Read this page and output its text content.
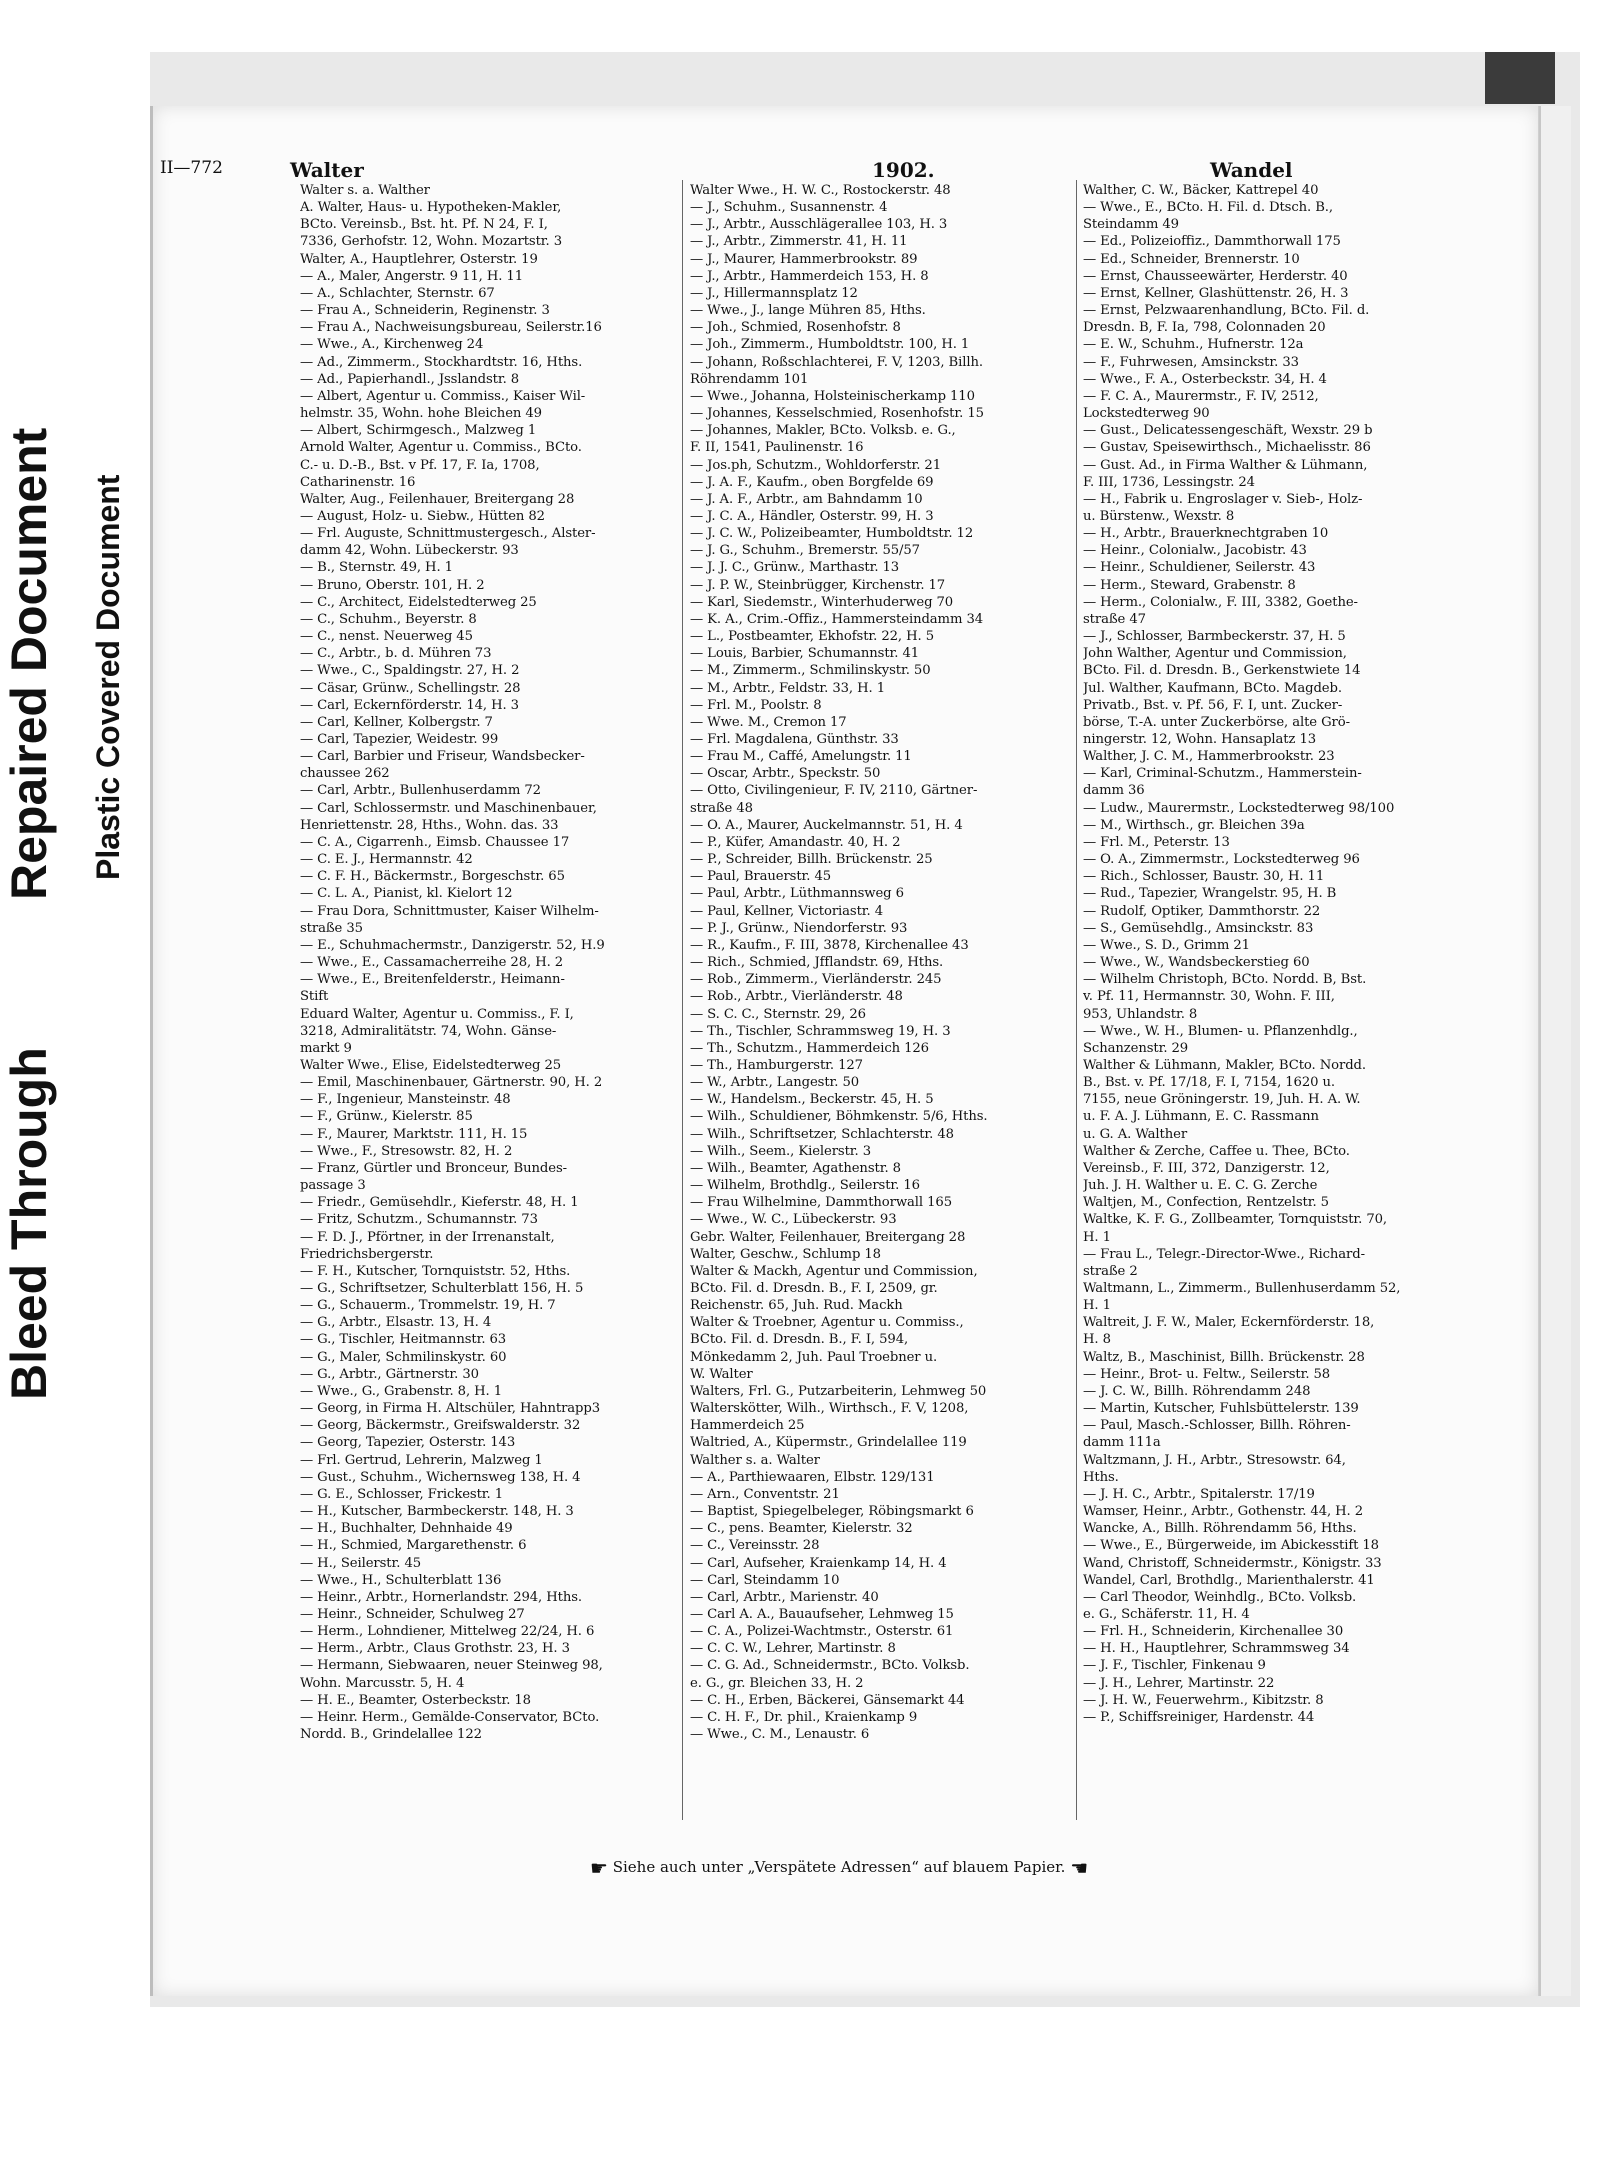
Bleed Through
Repaired Document Plastic Covered Document
II—772	Walter	1902.	Wandel
Walter s. a. Walther
A. Walter, Haus- u. Hypotheken-Makler,
BCto. Vereinsb., Bst. ht. Pf. N 24, F. I,
7336, Gerhofstr. 12, Wohn. Mozartstr. 3
Walter, A., Hauptlehrer, Osterstr. 19
— A., Maler, Angerstr. 9 11, H. 11
— A., Schlachter, Sternstr. 67
— Frau A., Schneiderin, Reginenstr. 3
— Frau A., Nachweisungsbureau, Seilerstr.16
— Wwe., A., Kirchenweg 24
— Ad., Zimmerm., Stockhardtstr. 16, Hths.
— Ad., Papierhandl., Jsslandstr. 8
— Albert, Agentur u. Commiss., Kaiser Wil-
helmstr. 35, Wohn. hohe Bleichen 49
— Albert, Schirmgesch., Malzweg 1
Arnold Walter, Agentur u. Commiss., BCto.
C.- u. D.-B., Bst. v Pf. 17, F. Ia, 1708,
Catharinenstr. 16
Walter, Aug., Feilenhauer, Breitergang 28
— August, Holz- u. Siebw., Hütten 82
— Frl. Auguste, Schnittmustergesch., Alster-
damm 42, Wohn. Lübeckerstr. 93
— B., Sternstr. 49, H. 1
— Bruno, Oberstr. 101, H. 2
— C., Architect, Eidelstedterweg 25
— C., Schuhm., Beyerstr. 8
— C., nenst. Neuerweg 45
— C., Arbtr., b. d. Mühren 73
— Wwe., C., Spaldingstr. 27, H. 2
— Cäsar, Grünw., Schellingstr. 28
— Carl, Eckernförderstr. 14, H. 3
— Carl, Kellner, Kolbergstr. 7
— Carl, Tapezier, Weidestr. 99
— Carl, Barbier und Friseur, Wandsbecker-
chaussee 262
— Carl, Arbtr., Bullenhuserdamm 72
— Carl, Schlossermstr. und Maschinenbauer,
Henriettenstr. 28, Hths., Wohn. das. 33
— C. A., Cigarrenh., Eimsb. Chaussee 17
— C. E. J., Hermannstr. 42
— C. F. H., Bäckermstr., Borgeschstr. 65
— C. L. A., Pianist, kl. Kielort 12
— Frau Dora, Schnittmuster, Kaiser Wilhelm-
straße 35
— E., Schuhmachermstr., Danzigerstr. 52, H.9
— Wwe., E., Cassamacherreihe 28, H. 2
— Wwe., E., Breitenfelderstr., Heimann-
Stift
Eduard Walter, Agentur u. Commiss., F. I,
3218, Admiralitätstr. 74, Wohn. Gänse-
markt 9
Walter Wwe., Elise, Eidelstedterweg 25
— Emil, Maschinenbauer, Gärtnerstr. 90, H. 2
— F., Ingenieur, Mansteinstr. 48
— F., Grünw., Kielerstr. 85
— F., Maurer, Marktstr. 111, H. 15
— Wwe., F., Stresowstr. 82, H. 2
— Franz, Gürtler und Bronceur, Bundes-
passage 3
— Friedr., Gemüsehdlr., Kieferstr. 48, H. 1
— Fritz, Schutzm., Schumannstr. 73
— F. D. J., Pförtner, in der Irrenanstalt,
Friedrichsbergerstr.
— F. H., Kutscher, Tornquiststr. 52, Hths.
— G., Schriftsetzer, Schulterblatt 156, H. 5
— G., Schauerm., Trommelstr. 19, H. 7
— G., Arbtr., Elsastr. 13, H. 4
— G., Tischler, Heitmannstr. 63
— G., Maler, Schmilinskystr. 60
— G., Arbtr., Gärtnerstr. 30
— Wwe., G., Grabenstr. 8, H. 1
— Georg, in Firma H. Altschüler, Hahntrapp3
— Georg, Bäckermstr., Greifswalderstr. 32
— Georg, Tapezier, Osterstr. 143
— Frl. Gertrud, Lehrerin, Malzweg 1
— Gust., Schuhm., Wichernsweg 138, H. 4
— G. E., Schlosser, Frickestr. 1
— H., Kutscher, Barmbeckerstr. 148, H. 3
— H., Buchhalter, Dehnhaide 49
— H., Schmied, Margarethenstr. 6
— H., Seilerstr. 45
— Wwe., H., Schulterblatt 136
— Heinr., Arbtr., Hornerlandstr. 294, Hths.
— Heinr., Schneider, Schulweg 27
— Herm., Lohndiener, Mittelweg 22/24, H. 6
— Herm., Arbtr., Claus Grothstr. 23, H. 3
— Hermann, Siebwaaren, neuer Steinweg 98,
Wohn. Marcusstr. 5, H. 4
— H. E., Beamter, Osterbeckstr. 18
— Heinr. Herm., Gemälde-Conservator, BCto.
Nordd. B., Grindelallee 122
Walter Wwe., H. W. C., Rostockerstr. 48
— J., Schuhm., Susannenstr. 4
— J., Arbtr., Ausschlägerallee 103, H. 3
— J., Arbtr., Zimmerstr. 41, H. 11
— J., Maurer, Hammerbrookstr. 89
— J., Arbtr., Hammerdeich 153, H. 8
— J., Hillermannsplatz 12
— Wwe., J., lange Mühren 85, Hths.
— Joh., Schmied, Rosenhofstr. 8
— Joh., Zimmerm., Humboldtstr. 100, H. 1
— Johann, Roßschlachterei, F. V, 1203, Billh.
Röhrendamm 101
— Wwe., Johanna, Holsteinischerkamp 110
— Johannes, Kesselschmied, Rosenhofstr. 15
— Johannes, Makler, BCto. Volksb. e. G.,
F. II, 1541, Paulinenstr. 16
— Jos.ph, Schutzm., Wohldorferstr. 21
— J. A. F., Kaufm., oben Borgfelde 69
— J. A. F., Arbtr., am Bahndamm 10
— J. C. A., Händler, Osterstr. 99, H. 3
— J. C. W., Polizeibeamter, Humboldtstr. 12
— J. G., Schuhm., Bremerstr. 55/57
— J. J. C., Grünw., Marthastr. 13
— J. P. W., Steinbrügger, Kirchenstr. 17
— Karl, Siedemstr., Winterhuderweg 70
— K. A., Crim.-Offiz., Hammersteindamm 34
— L., Postbeamter, Ekhofstr. 22, H. 5
— Louis, Barbier, Schumannstr. 41
— M., Zimmerm., Schmilinskystr. 50
— M., Arbtr., Feldstr. 33, H. 1
— Frl. M., Poolstr. 8
— Wwe. M., Cremon 17
— Frl. Magdalena, Günthstr. 33
— Frau M., Caffé, Amelungstr. 11
— Oscar, Arbtr., Speckstr. 50
— Otto, Civilingenieur, F. IV, 2110, Gärtner-
straße 48
— O. A., Maurer, Auckelmannstr. 51, H. 4
— P., Küfer, Amandastr. 40, H. 2
— P., Schreider, Billh. Brückenstr. 25
— Paul, Brauerstr. 45
— Paul, Arbtr., Lüthmannsweg 6
— Paul, Kellner, Victoriastr. 4
— P. J., Grünw., Niendorferstr. 93
— R., Kaufm., F. III, 3878, Kirchenallee 43
— Rich., Schmied, Jfflandstr. 69, Hths.
— Rob., Zimmerm., Vierländerstr. 245
— Rob., Arbtr., Vierländerstr. 48
— S. C. C., Sternstr. 29, 26
— Th., Tischler, Schrammsweg 19, H. 3
— Th., Schutzm., Hammerdeich 126
— Th., Hamburgerstr. 127
— W., Arbtr., Langestr. 50
— W., Handelsm., Beckerstr. 45, H. 5
— Wilh., Schuldiener, Böhmkenstr. 5/6, Hths.
— Wilh., Schriftsetzer, Schlachterstr. 48
— Wilh., Seem., Kielerstr. 3
— Wilh., Beamter, Agathenstr. 8
— Wilhelm, Brothdlg., Seilerstr. 16
— Frau Wilhelmine, Dammthorwall 165
— Wwe., W. C., Lübeckerstr. 93
Gebr. Walter, Feilenhauer, Breitergang 28
Walter, Geschw., Schlump 18
Walter & Mackh, Agentur und Commission,
BCto. Fil. d. Dresdn. B., F. I, 2509, gr.
Reichenstr. 65, Juh. Rud. Mackh
Walter & Troebner, Agentur u. Commiss.,
BCto. Fil. d. Dresdn. B., F. I, 594,
Mönkedamm 2, Juh. Paul Troebner u.
W. Walter
Walters, Frl. G., Putzarbeiterin, Lehmweg 50
Walterskötter, Wilh., Wirthsch., F. V, 1208,
Hammerdeich 25
Waltried, A., Küpermstr., Grindelallee 119
Walther s. a. Walter
— A., Parthiewaaren, Elbstr. 129/131
— Arn., Conventstr. 21
— Baptist, Spiegelbeleger, Röbingsmarkt 6
— C., pens. Beamter, Kielerstr. 32
— C., Vereinsstr. 28
— Carl, Aufseher, Kraienkamp 14, H. 4
— Carl, Steindamm 10
— Carl, Arbtr., Marienstr. 40
— Carl A. A., Bauaufseher, Lehmweg 15
— C. A., Polizei-Wachtmstr., Osterstr. 61
— C. C. W., Lehrer, Martinstr. 8
— C. G. Ad., Schneidermstr., BCto. Volksb.
e. G., gr. Bleichen 33, H. 2
— C. H., Erben, Bäckerei, Gänsemarkt 44
— C. H. F., Dr. phil., Kraienkamp 9
— Wwe., C. M., Lenaustr. 6
Walther, C. W., Bäcker, Kattrepel 40
— Wwe., E., BCto. H. Fil. d. Dtsch. B.,
Steindamm 49
— Ed., Polizeioffiz., Dammthorwall 175
— Ed., Schneider, Brennerstr. 10
— Ernst, Chausseewärter, Herderstr. 40
— Ernst, Kellner, Glashüttenstr. 26, H. 3
— Ernst, Pelzwaarenhandlung, BCto. Fil. d.
Dresdn. B, F. Ia, 798, Colonnaden 20
— E. W., Schuhm., Hufnerstr. 12a
— F., Fuhrwesen, Amsinckstr. 33
— Wwe., F. A., Osterbeckstr. 34, H. 4
— F. C. A., Maurermstr., F. IV, 2512,
Lockstedterweg 90
— Gust., Delicatessengeschäft, Wexstr. 29 b
— Gustav, Speisewirthsch., Michaelisstr. 86
— Gust. Ad., in Firma Walther & Lühmann,
F. III, 1736, Lessingstr. 24
— H., Fabrik u. Engroslager v. Sieb-, Holz-
u. Bürstenw., Wexstr. 8
— H., Arbtr., Brauerknechtgraben 10
— Heinr., Colonialw., Jacobistr. 43
— Heinr., Schuldiener, Seilerstr. 43
— Herm., Steward, Grabenstr. 8
— Herm., Colonialw., F. III, 3382, Goethe-
straße 47
— J., Schlosser, Barmbeckerstr. 37, H. 5
John Walther, Agentur und Commission,
BCto. Fil. d. Dresdn. B., Gerkenstwiete 14
Jul. Walther, Kaufmann, BCto. Magdeb.
Privatb., Bst. v. Pf. 56, F. I, unt. Zucker-
börse, T.-A. unter Zuckerbörse, alte Grö-
ningerstr. 12, Wohn. Hansaplatz 13
Walther, J. C. M., Hammerbrookstr. 23
— Karl, Criminal-Schutzm., Hammerstein-
damm 36
— Ludw., Maurermstr., Lockstedterweg 98/100
— M., Wirthsch., gr. Bleichen 39a
— Frl. M., Peterstr. 13
— O. A., Zimmermstr., Lockstedterweg 96
— Rich., Schlosser, Baustr. 30, H. 11
— Rud., Tapezier, Wrangelstr. 95, H. B
— Rudolf, Optiker, Dammthorstr. 22
— S., Gemüsehdlg., Amsinckstr. 83
— Wwe., S. D., Grimm 21
— Wwe., W., Wandsbeckerstieg 60
— Wilhelm Christoph, BCto. Nordd. B, Bst.
v. Pf. 11, Hermannstr. 30, Wohn. F. III,
953, Uhlandstr. 8
— Wwe., W. H., Blumen- u. Pflanzenhdlg.,
Schanzenstr. 29
Walther & Lühmann, Makler, BCto. Nordd.
B., Bst. v. Pf. 17/18, F. I, 7154, 1620 u.
7155, neue Gröningerstr. 19, Juh. H. A. W.
u. F. A. J. Lühmann, E. C. Rassmann
u. G. A. Walther
Walther & Zerche, Caffee u. Thee, BCto.
Vereinsb., F. III, 372, Danzigerstr. 12,
Juh. J. H. Walther u. E. C. G. Zerche
Waltjen, M., Confection, Rentzelstr. 5
Waltke, K. F. G., Zollbeamter, Tornquiststr. 70,
H. 1
— Frau L., Telegr.-Director-Wwe., Richard-
straße 2
Waltmann, L., Zimmerm., Bullenhuserdamm 52,
H. 1
Waltreit, J. F. W., Maler, Eckernförderstr. 18,
H. 8
Waltz, B., Maschinist, Billh. Brückenstr. 28
— Heinr., Brot- u. Feltw., Seilerstr. 58
— J. C. W., Billh. Röhrendamm 248
— Martin, Kutscher, Fuhlsbüttelerstr. 139
— Paul, Masch.-Schlosser, Billh. Röhren-
damm 111a
Waltzmann, J. H., Arbtr., Stresowstr. 64,
Hths.
— J. H. C., Arbtr., Spitalerstr. 17/19
Wamser, Heinr., Arbtr., Gothenstr. 44, H. 2
Wancke, A., Billh. Röhrendamm 56, Hths.
— Wwe., E., Bürgerweide, im Abickesstift 18
Wand, Christoff, Schneidermstr., Königstr. 33
Wandel, Carl, Brothdlg., Marienthalerstr. 41
— Carl Theodor, Weinhdlg., BCto. Volksb.
e. G., Schäferstr. 11, H. 4
— Frl. H., Schneiderin, Kirchenallee 30
— H. H., Hauptlehrer, Schrammsweg 34
— J. F., Tischler, Finkenau 9
— J. H., Lehrer, Martinstr. 22
— J. H. W., Feuerwehrm., Kibitzstr. 8
— P., Schiffsreiniger, Hardenstr. 44
☛ Siehe auch unter „Verspätete Adressen“ auf blauem Papier. ☚
